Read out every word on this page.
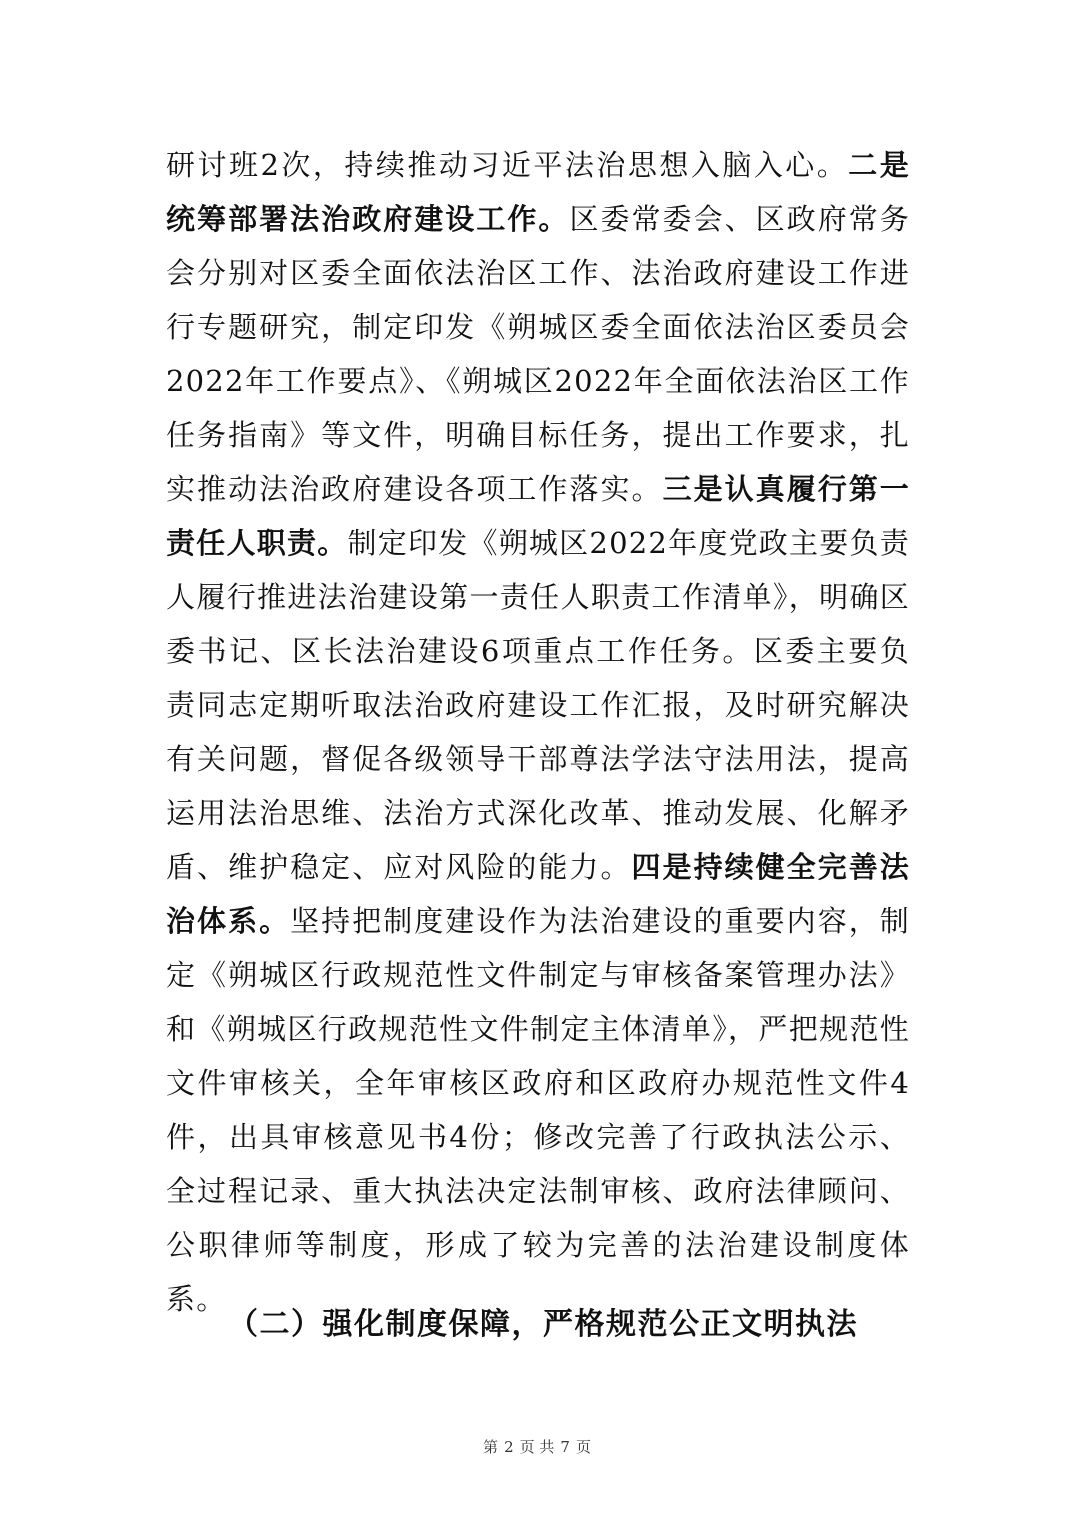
研讨班2次，持续推动习近平法治思想入脑入心。二是统筹部署法治政府建设工作。区委常委会、区政府常务会分别对区委全面依法治区工作、法治政府建设工作进行专题研究，制定印发《朔城区委全面依法治区委员会2022年工作要点》、《朔城区2022年全面依法治区工作任务指南》等文件，明确目标任务，提出工作要求，扎实推动法治政府建设各项工作落实。三是认真履行第一责任人职责。制定印发《朔城区2022年度党政主要负责人履行推进法治建设第一责任人职责工作清单》，明确区委书记、区长法治建设6项重点工作任务。区委主要负责同志定期听取法治政府建设工作汇报，及时研究解决有关问题，督促各级领导干部尊法学法守法用法，提高运用法治思维、法治方式深化改革、推动发展、化解矛盾、维护稳定、应对风险的能力。四是持续健全完善法治体系。坚持把制度建设作为法治建设的重要内容，制定《朔城区行政规范性文件制定与审核备案管理办法》和《朔城区行政规范性文件制定主体清单》，严把规范性文件审核关，全年审核区政府和区政府办规范性文件4件，出具审核意见书4份；修改完善了行政执法公示、全过程记录、重大执法决定法制审核、政府法律顾问、公职律师等制度，形成了较为完善的法治建设制度体系。

（二）强化制度保障，严格规范公正文明执法

第 2 页 共 7 页
